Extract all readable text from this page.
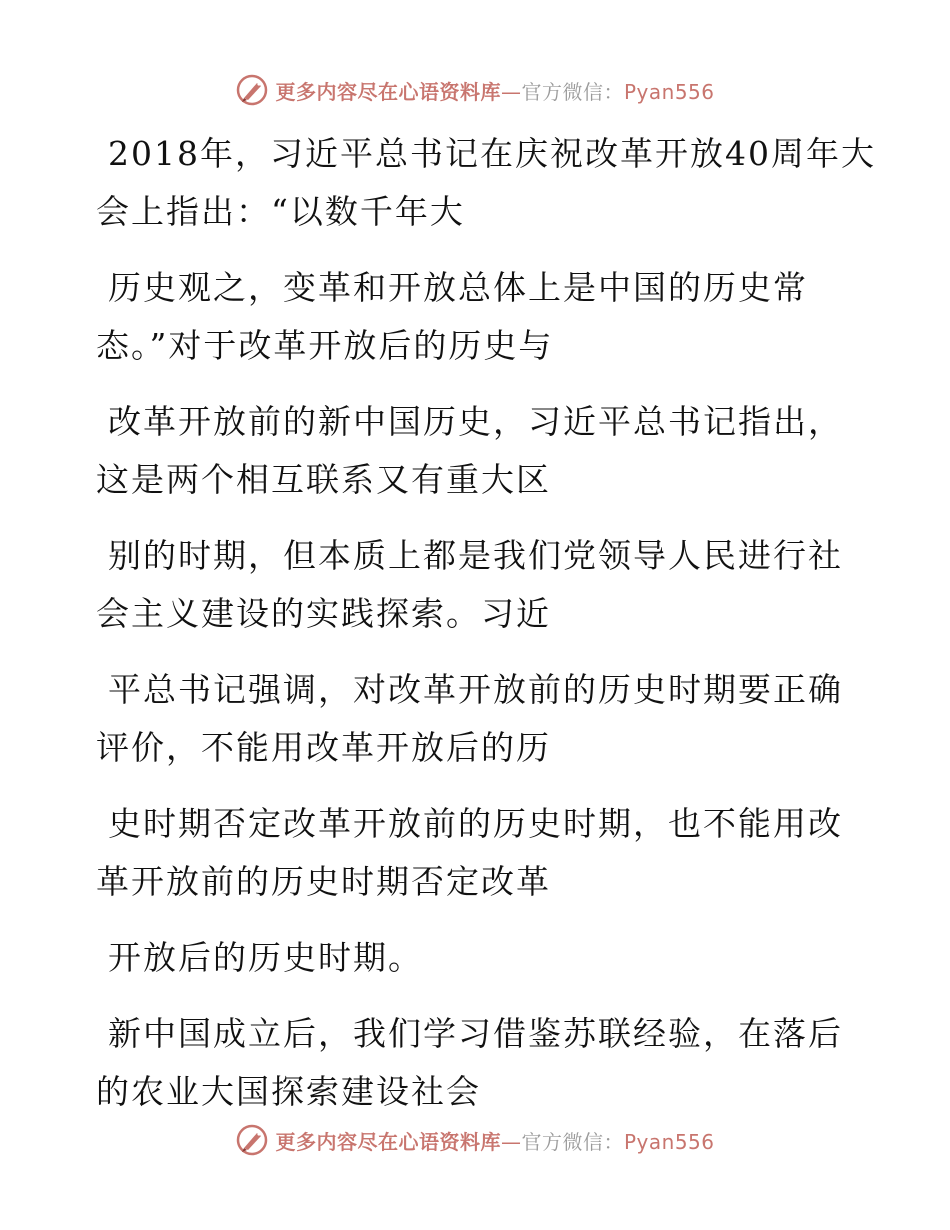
更多内容尽在心语资料库—官方微信：Pyan556

2018年，习近平总书记在庆祝改革开放40周年大
会上指出：“以数千年大

历史观之，变革和开放总体上是中国的历史常
态。”对于改革开放后的历史与

改革开放前的新中国历史，习近平总书记指出，
这是两个相互联系又有重大区

别的时期，但本质上都是我们党领导人民进行社
会主义建设的实践探索。习近

平总书记强调，对改革开放前的历史时期要正确
评价，不能用改革开放后的历

史时期否定改革开放前的历史时期，也不能用改
革开放前的历史时期否定改革

开放后的历史时期。

新中国成立后，我们学习借鉴苏联经验，在落后
的农业大国探索建设社会

更多内容尽在心语资料库—官方微信：Pyan556
